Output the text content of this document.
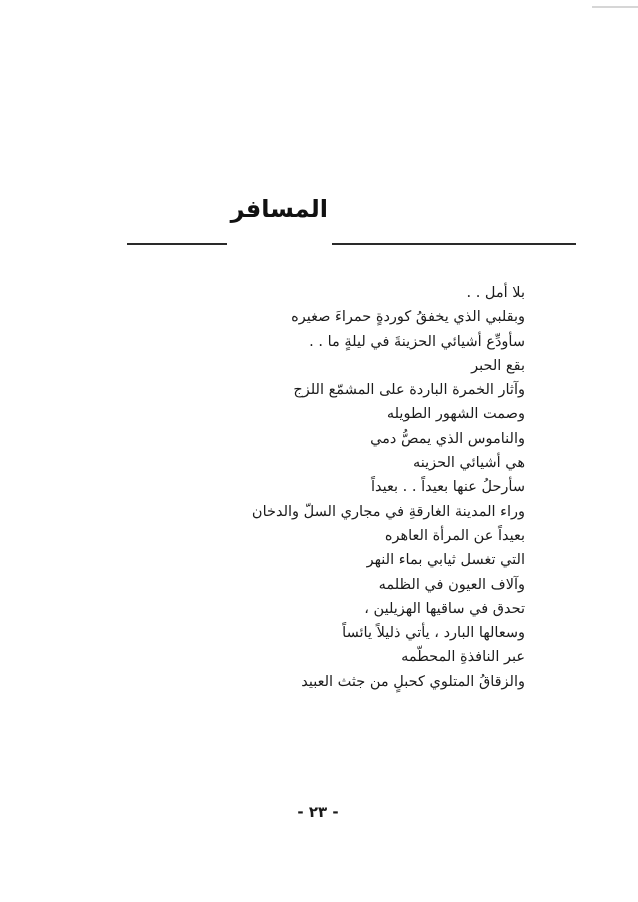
المسافر
بلا أمل . .
وبقلبي الذي يخفقُ كوردةٍ حمراءَ صغيره
سأودِّع أشيائي الحزينةَ في ليلةٍ ما . .
بقع الحبر
وآثار الخمرة الباردة على المشمّع اللزج
وصمت الشهور الطويله
والناموس الذي يمصُّ دمي
هي أشيائي الحزينه
سأرحلُ عنها بعيداً . . بعيداً
وراء المدينة الغارقةِ في مجاري السلّ والدخان
بعيداً عن المرأة العاهره
التي تغسل ثيابي بماء النهر
وآلاف العيون في الظلمه
تحدق في ساقيها الهزيلين ،
وسعالها البارد ، يأتي ذليلاً يائساً
عبر النافذةِ المحطّمه
والزقاقُ المتلوي كحبلٍ من جثث العبيد
- ٢٣ -
